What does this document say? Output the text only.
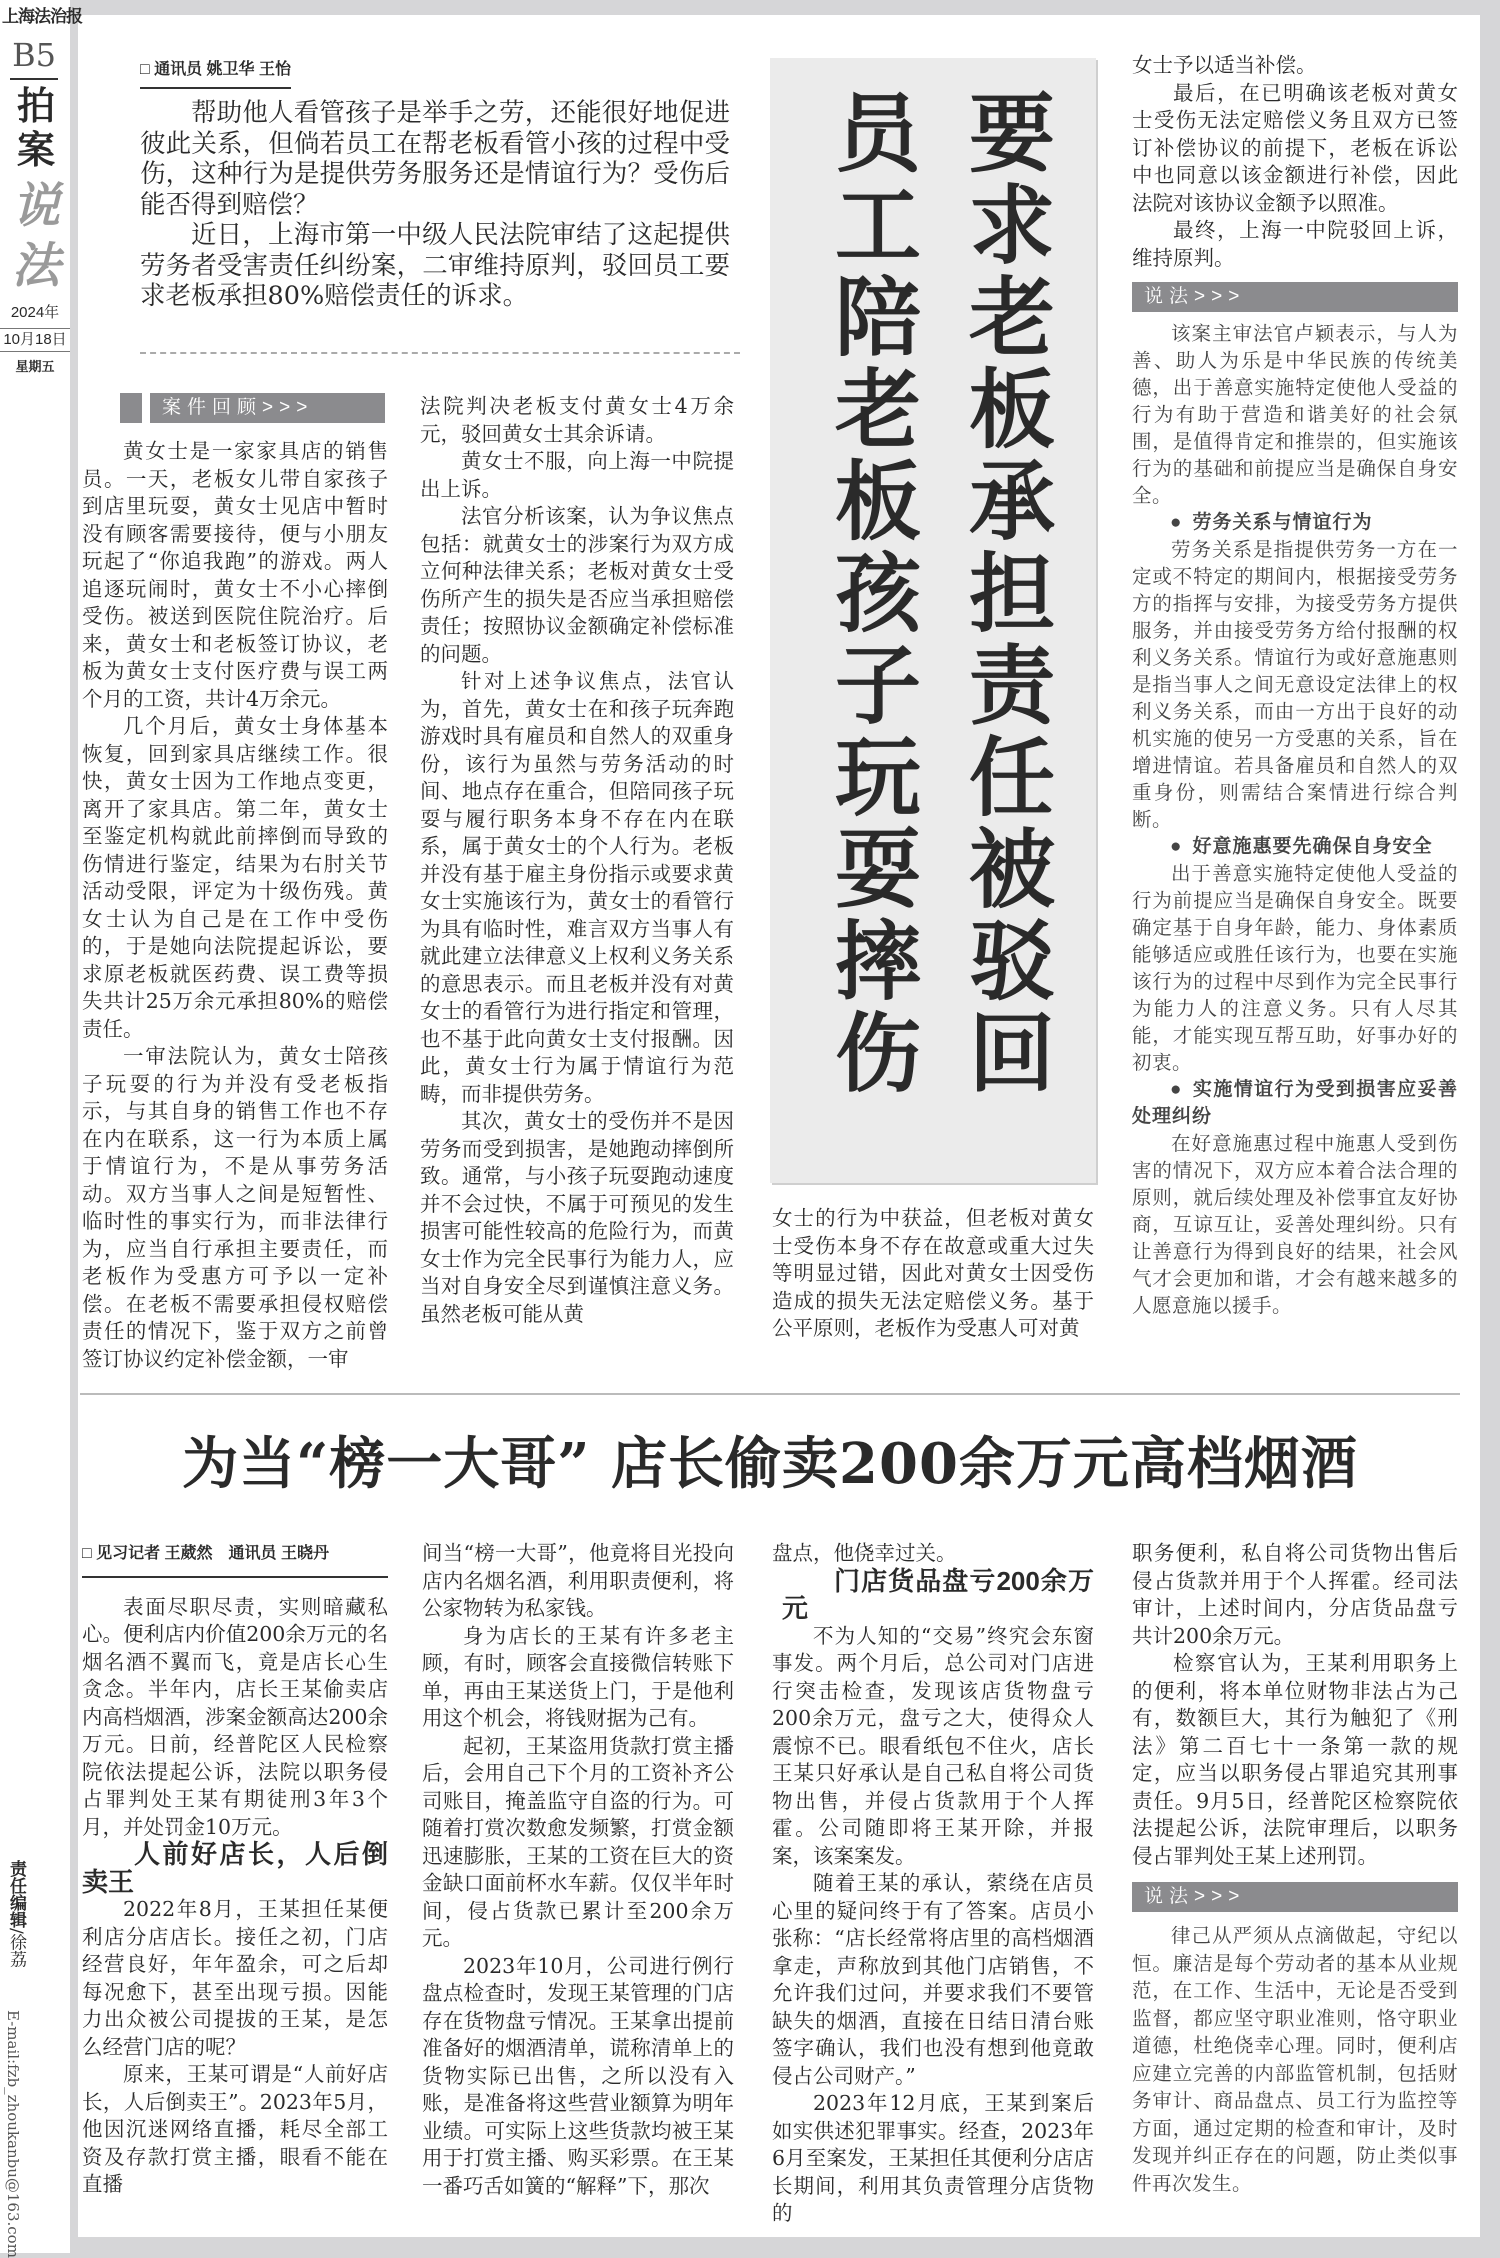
上海法治报
B5
拍案
说法
2024年
10月18日
星期五
责任编辑/徐荔
E-mail:fzb_zhoukanbu@163.com
□ 通讯员 姚卫华 王怡

帮助他人看管孩子是举手之劳，还能很好地促进彼此关系，但倘若员工在帮老板看管小孩的过程中受伤，这种行为是提供劳务服务还是情谊行为？受伤后能否得到赔偿？

近日，上海市第一中级人民法院审结了这起提供劳务者受害责任纠纷案，二审维持原判，驳回员工要求老板承担80%赔偿责任的诉求。

案件回顾>>>

黄女士是一家家具店的销售员。一天，老板女儿带自家孩子到店里玩耍，黄女士见店中暂时没有顾客需要接待，便与小朋友玩起了“你追我跑”的游戏。两人追逐玩闹时，黄女士不小心摔倒受伤。被送到医院住院治疗。后来，黄女士和老板签订协议，老板为黄女士支付医疗费与误工两个月的工资，共计4万余元。

几个月后，黄女士身体基本恢复，回到家具店继续工作。很快，黄女士因为工作地点变更，离开了家具店。第二年，黄女士至鉴定机构就此前摔倒而导致的伤情进行鉴定，结果为右肘关节活动受限，评定为十级伤残。黄女士认为自己是在工作中受伤的，于是她向法院提起诉讼，要求原老板就医药费、误工费等损失共计25万余元承担80%的赔偿责任。

一审法院认为，黄女士陪孩子玩耍的行为并没有受老板指示，与其自身的销售工作也不存在内在联系，这一行为本质上属于情谊行为，不是从事劳务活动。双方当事人之间是短暂性、临时性的事实行为，而非法律行为，应当自行承担主要责任，而老板作为受惠方可予以一定补偿。在老板不需要承担侵权赔偿责任的情况下，鉴于双方之前曾签订协议约定补偿金额，一审

法院判决老板支付黄女士4万余元，驳回黄女士其余诉请。

黄女士不服，向上海一中院提出上诉。

法官分析该案，认为争议焦点包括：就黄女士的涉案行为双方成立何种法律关系；老板对黄女士受伤所产生的损失是否应当承担赔偿责任；按照协议金额确定补偿标准的问题。

针对上述争议焦点，法官认为，首先，黄女士在和孩子玩奔跑游戏时具有雇员和自然人的双重身份，该行为虽然与劳务活动的时间、地点存在重合，但陪同孩子玩耍与履行职务本身不存在内在联系，属于黄女士的个人行为。老板并没有基于雇主身份指示或要求黄女士实施该行为，黄女士的看管行为具有临时性，难言双方当事人有就此建立法律意义上权利义务关系的意思表示。而且老板并没有对黄女士的看管行为进行指定和管理，也不基于此向黄女士支付报酬。因此，黄女士行为属于情谊行为范畴，而非提供劳务。

其次，黄女士的受伤并不是因劳务而受到损害，是她跑动摔倒所致。通常，与小孩子玩耍跑动速度并不会过快，不属于可预见的发生损害可能性较高的危险行为，而黄女士作为完全民事行为能力人，应当对自身安全尽到谨慎注意义务。虽然老板可能从黄

要求老板承担责任被驳回
员工陪老板孩子玩耍摔伤

女士的行为中获益，但老板对黄女士受伤本身不存在故意或重大过失等明显过错，因此对黄女士因受伤造成的损失无法定赔偿义务。基于公平原则，老板作为受惠人可对黄

女士予以适当补偿。

最后，在已明确该老板对黄女士受伤无法定赔偿义务且双方已签订补偿协议的前提下，老板在诉讼中也同意以该金额进行补偿，因此法院对该协议金额予以照准。

最终，上海一中院驳回上诉，维持原判。

说法>>>

该案主审法官卢颖表示，与人为善、助人为乐是中华民族的传统美德，出于善意实施特定使他人受益的行为有助于营造和谐美好的社会氛围，是值得肯定和推崇的，但实施该行为的基础和前提应当是确保自身安全。

● 劳务关系与情谊行为

劳务关系是指提供劳务一方在一定或不特定的期间内，根据接受劳务方的指挥与安排，为接受劳务方提供服务，并由接受劳务方给付报酬的权利义务关系。情谊行为或好意施惠则是指当事人之间无意设定法律上的权利义务关系，而由一方出于良好的动机实施的使另一方受惠的关系，旨在增进情谊。若具备雇员和自然人的双重身份，则需结合案情进行综合判断。

● 好意施惠要先确保自身安全

出于善意实施特定使他人受益的行为前提应当是确保自身安全。既要确定基于自身年龄，能力、身体素质能够适应或胜任该行为，也要在实施该行为的过程中尽到作为完全民事行为能力人的注意义务。只有人尽其能，才能实现互帮互助，好事办好的初衷。

● 实施情谊行为受到损害应妥善处理纠纷

在好意施惠过程中施惠人受到伤害的情况下，双方应本着合法合理的原则，就后续处理及补偿事宜友好协商，互谅互让，妥善处理纠纷。只有让善意行为得到良好的结果，社会风气才会更加和谐，才会有越来越多的人愿意施以援手。

为当“榜一大哥” 店长偷卖200余万元高档烟酒
□ 见习记者 王葳然　通讯员 王晓丹

表面尽职尽责，实则暗藏私心。便利店内价值200余万元的名烟名酒不翼而飞，竟是店长心生贪念。半年内，店长王某偷卖店内高档烟酒，涉案金额高达200余万元。日前，经普陀区人民检察院依法提起公诉，法院以职务侵占罪判处王某有期徒刑3年3个月，并处罚金10万元。

人前好店长，人后倒卖王

2022年8月，王某担任某便利店分店店长。接任之初，门店经营良好，年年盈余，可之后却每况愈下，甚至出现亏损。因能力出众被公司提拔的王某，是怎么经营门店的呢？

原来，王某可谓是“人前好店长，人后倒卖王”。2023年5月，他因沉迷网络直播，耗尽全部工资及存款打赏主播，眼看不能在直播

间当“榜一大哥”，他竟将目光投向店内名烟名酒，利用职责便利，将公家物转为私家钱。

身为店长的王某有许多老主顾，有时，顾客会直接微信转账下单，再由王某送货上门，于是他利用这个机会，将钱财据为己有。

起初，王某盗用货款打赏主播后，会用自己下个月的工资补齐公司账目，掩盖监守自盗的行为。可随着打赏次数愈发频繁，打赏金额迅速膨胀，王某的工资在巨大的资金缺口面前杯水车薪。仅仅半年时间，侵占货款已累计至200余万元。

2023年10月，公司进行例行盘点检查时，发现王某管理的门店存在货物盘亏情况。王某拿出提前准备好的烟酒清单，谎称清单上的货物实际已出售，之所以没有入账，是准备将这些营业额算为明年业绩。可实际上这些货款均被王某用于打赏主播、购买彩票。在王某一番巧舌如簧的“解释”下，那次

盘点，他侥幸过关。

门店货品盘亏200余万元

不为人知的“交易”终究会东窗事发。两个月后，总公司对门店进行突击检查，发现该店货物盘亏200余万元，盘亏之大，使得众人震惊不已。眼看纸包不住火，店长王某只好承认是自己私自将公司货物出售，并侵占货款用于个人挥霍。公司随即将王某开除，并报案，该案案发。

随着王某的承认，萦绕在店员心里的疑问终于有了答案。店员小张称：“店长经常将店里的高档烟酒拿走，声称放到其他门店销售，不允许我们过问，并要求我们不要管缺失的烟酒，直接在日结日清台账签字确认，我们也没有想到他竟敢侵占公司财产。”

2023年12月底，王某到案后如实供述犯罪事实。经查，2023年6月至案发，王某担任其便利分店店长期间，利用其负责管理分店货物的

职务便利，私自将公司货物出售后侵占货款并用于个人挥霍。经司法审计，上述时间内，分店货品盘亏共计200余万元。

检察官认为，王某利用职务上的便利，将本单位财物非法占为己有，数额巨大，其行为触犯了《刑法》第二百七十一条第一款的规定，应当以职务侵占罪追究其刑事责任。9月5日，经普陀区检察院依法提起公诉，法院审理后，以职务侵占罪判处王某上述刑罚。

说法>>>

律己从严须从点滴做起，守纪以恒。廉洁是每个劳动者的基本从业规范，在工作、生活中，无论是否受到监督，都应坚守职业准则，恪守职业道德，杜绝侥幸心理。同时，便利店应建立完善的内部监管机制，包括财务审计、商品盘点、员工行为监控等方面，通过定期的检查和审计，及时发现并纠正存在的问题，防止类似事件再次发生。
